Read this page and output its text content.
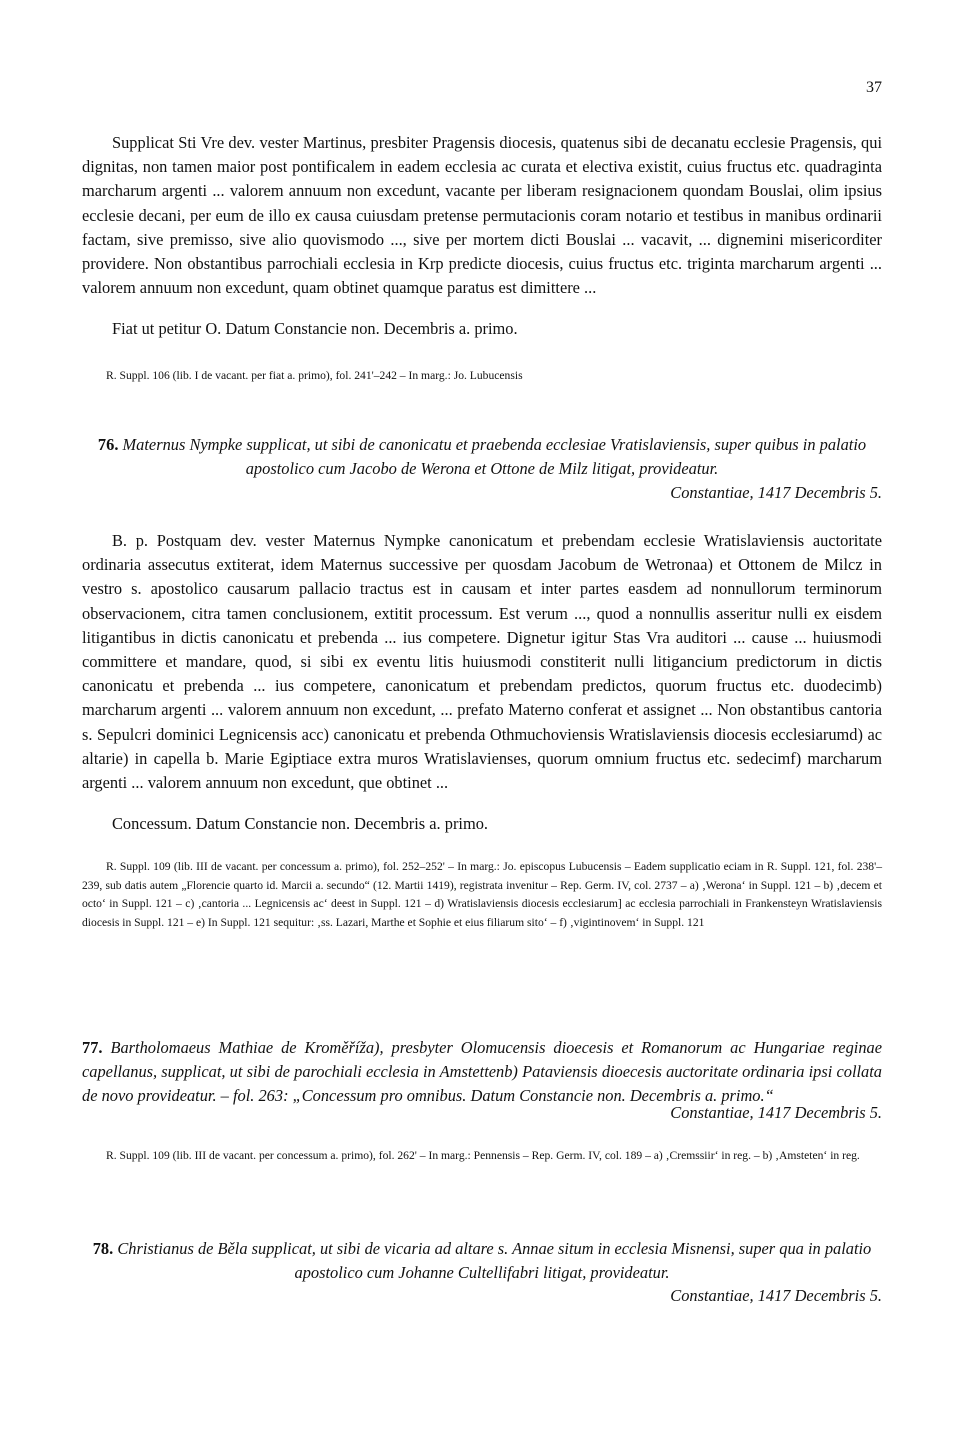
37
Supplicat Sti Vre dev. vester Martinus, presbiter Pragensis diocesis, quatenus sibi de decanatu ecclesie Pragensis, qui dignitas, non tamen maior post pontificalem in eadem ecclesia ac curata et electiva existit, cuius fructus etc. quadraginta marcharum argenti ... valorem annuum non excedunt, vacante per liberam resignacionem quondam Bouslai, olim ipsius ecclesie decani, per eum de illo ex causa cuiusdam pretense permutacionis coram notario et testibus in manibus ordinarii factam, sive premisso, sive alio quovismodo ..., sive per mortem dicti Bouslai ... vacavit, ... dignemini misericorditer providere. Non obstantibus parrochiali ecclesia in Krp predicte diocesis, cuius fructus etc. triginta marcharum argenti ... valorem annuum non excedunt, quam obtinet quamque paratus est dimittere ...
Fiat ut petitur O. Datum Constancie non. Decembris a. primo.
R. Suppl. 106 (lib. I de vacant. per fiat a. primo), fol. 241'–242 – In marg.: Jo. Lubucensis
76. Maternus Nympke supplicat, ut sibi de canonicatu et praebenda ecclesiae Vratislaviensis, super quibus in palatio apostolico cum Jacobo de Werona et Ottone de Milz litigat, provideatur.
Constantiae, 1417 Decembris 5.
B. p. Postquam dev. vester Maternus Nympke canonicatum et prebendam ecclesie Wratislaviensis auctoritate ordinaria assecutus extiterat, idem Maternus successive per quosdam Jacobum de Wetronaa) et Ottonem de Milcz in vestro s. apostolico causarum pallacio tractus est in causam et inter partes easdem ad nonnullorum terminorum observacionem, citra tamen conclusionem, extitit processum. Est verum ..., quod a nonnullis asseritur nulli ex eisdem litigantibus in dictis canonicatu et prebenda ... ius competere. Dignetur igitur Stas Vra auditori ... cause ... huiusmodi committere et mandare, quod, si sibi ex eventu litis huiusmodi constiterit nulli litigancium predictorum in dictis canonicatu et prebenda ... ius competere, canonicatum et prebendam predictos, quorum fructus etc. duodecimb) marcharum argenti ... valorem annuum non excedunt, ... prefato Materno conferat et assignet ... Non obstantibus cantoria s. Sepulcri dominici Legnicensis acc) canonicatu et prebenda Othmuchoviensis Wratislaviensis diocesis ecclesiarumd) ac altarie) in capella b. Marie Egiptiace extra muros Wratislavienses, quorum omnium fructus etc. sedecimf) marcharum argenti ... valorem annuum non excedunt, que obtinet ...
Concessum. Datum Constancie non. Decembris a. primo.
R. Suppl. 109 (lib. III de vacant. per concessum a. primo), fol. 252–252' – In marg.: Jo. episcopus Lubucensis – Eadem supplicatio eciam in R. Suppl. 121, fol. 238'–239, sub datis autem „Florencie quarto id. Marcii a. secundo“ (12. Martii 1419), registrata invenitur – Rep. Germ. IV, col. 2737 – a) ‚Werona‘ in Suppl. 121 – b) ‚decem et octo‘ in Suppl. 121 – c) ‚cantoria ... Legnicensis ac‘ deest in Suppl. 121 – d) Wratislaviensis diocesis ecclesiarum] ac ecclesia parrochiali in Frankensteyn Wratislaviensis diocesis in Suppl. 121 – e) In Suppl. 121 sequitur: ‚ss. Lazari, Marthe et Sophie et eius filiarum sito‘ – f) ‚vigintinovem‘ in Suppl. 121
77. Bartholomaeus Mathiae de Kroměříža), presbyter Olomucensis dioecesis et Romanorum ac Hungariae reginae capellanus, supplicat, ut sibi de parochiali ecclesia in Amstettenb) Pataviensis dioecesis auctoritate ordinaria ipsi collata de novo provideatur. – fol. 263: „Concessum pro omnibus. Datum Constancie non. Decembris a. primo.“
Constantiae, 1417 Decembris 5.
R. Suppl. 109 (lib. III de vacant. per concessum a. primo), fol. 262' – In marg.: Pennensis – Rep. Germ. IV, col. 189 – a) ‚Cremssiir‘ in reg. – b) ‚Amsteten‘ in reg.
78. Christianus de Běla supplicat, ut sibi de vicaria ad altare s. Annae situm in ecclesia Misnensi, super qua in palatio apostolico cum Johanne Cultellifabri litigat, provideatur.
Constantiae, 1417 Decembris 5.
